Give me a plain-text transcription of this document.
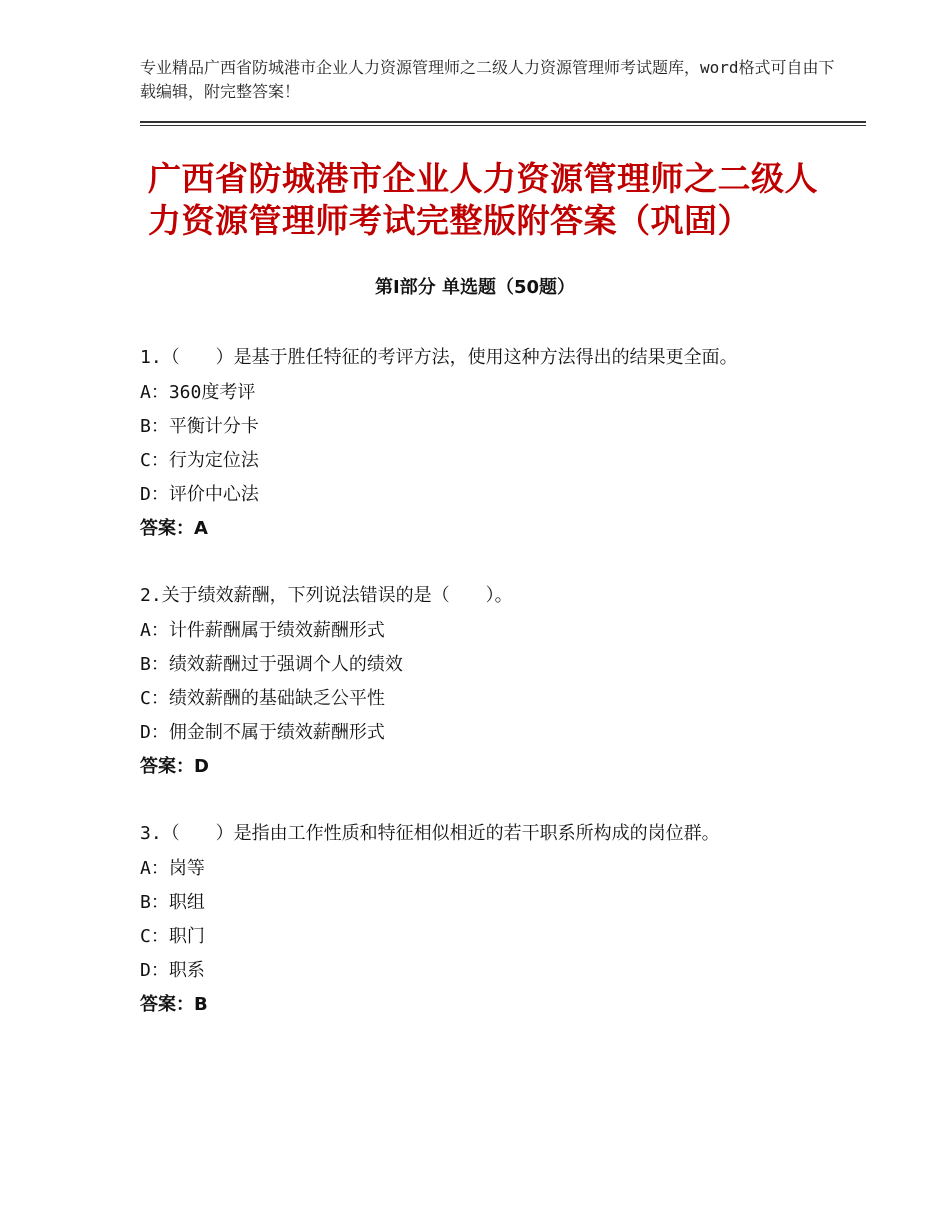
专业精品广西省防城港市企业人力资源管理师之二级人力资源管理师考试题库，word格式可自由下载编辑，附完整答案！
广西省防城港市企业人力资源管理师之二级人力资源管理师考试完整版附答案（巩固）
第Ⅰ部分 单选题（50题）
1.（　　）是基于胜任特征的考评方法，使用这种方法得出的结果更全面。
A：360度考评
B：平衡计分卡
C：行为定位法
D：评价中心法
答案：A
2.关于绩效薪酬，下列说法错误的是（　　）。
A：计件薪酬属于绩效薪酬形式
B：绩效薪酬过于强调个人的绩效
C：绩效薪酬的基础缺乏公平性
D：佣金制不属于绩效薪酬形式
答案：D
3.（　　）是指由工作性质和特征相似相近的若干职系所构成的岗位群。
A：岗等
B：职组
C：职门
D：职系
答案：B
